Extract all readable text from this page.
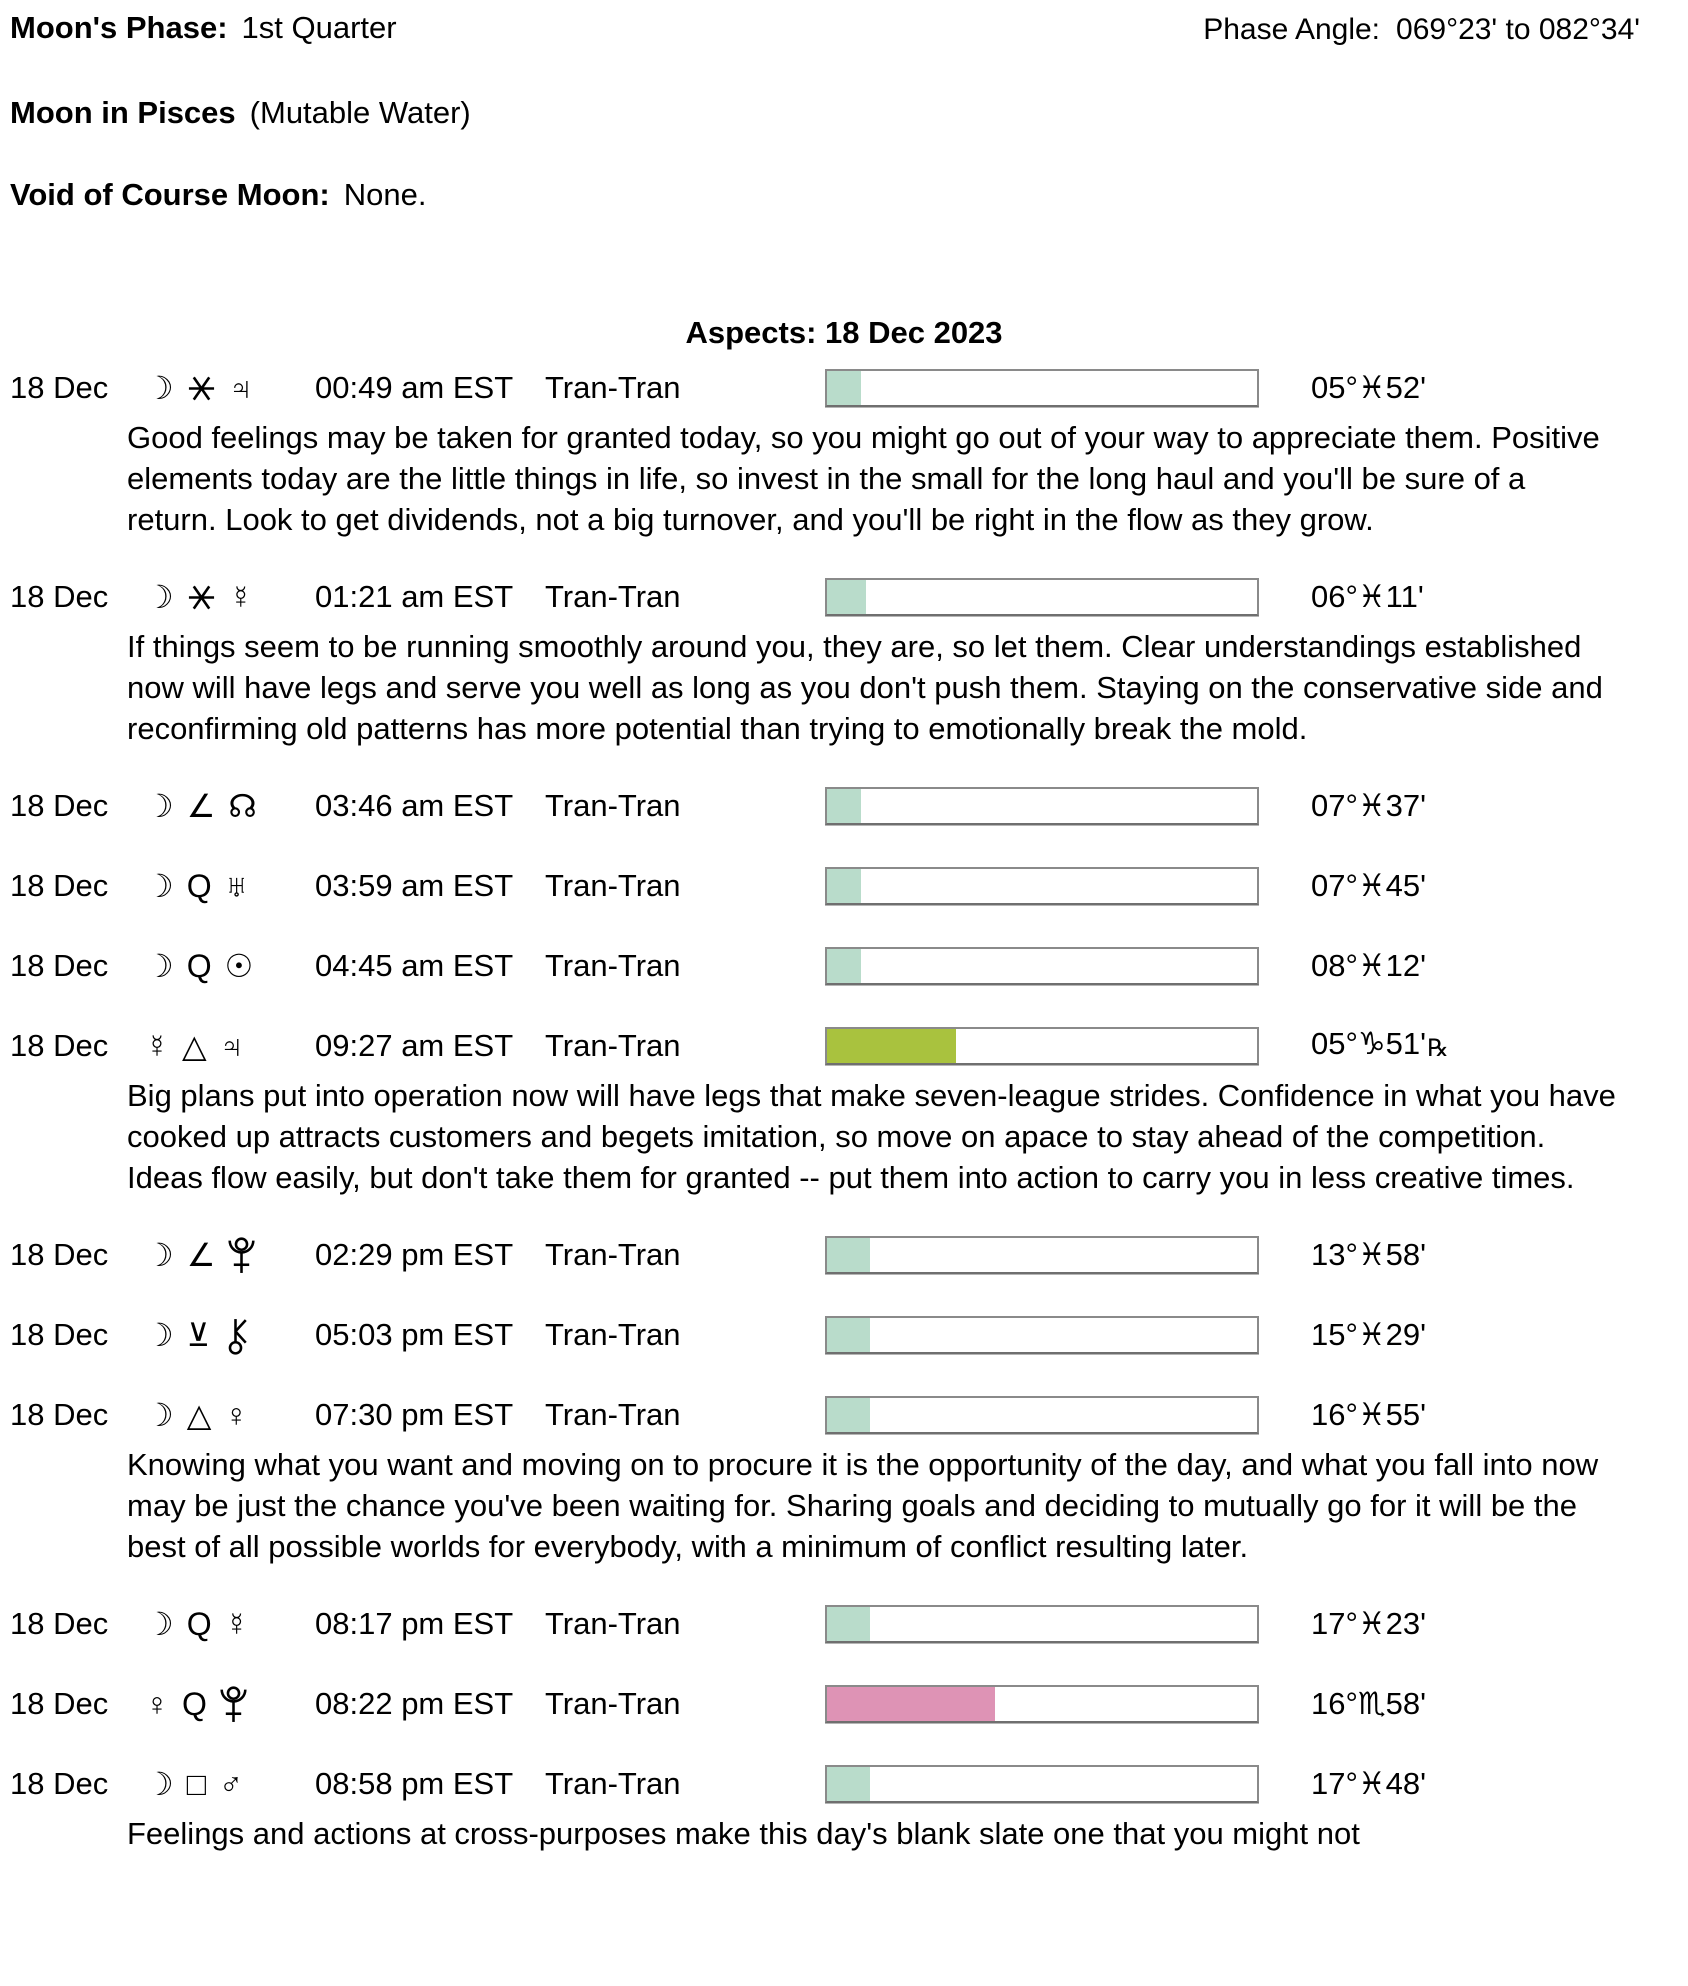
Moon's Phase: 1st Quarter	Phase Angle: 069°23' to 082°34'
Moon in Pisces (Mutable Water)
Void of Course Moon: None.
Aspects: 18 Dec 2023
18 Dec	☽ ♃	00:49 am EST	Tran-Tran	05°♓52'
Good feelings may be taken for granted today, so you might go out of your way to appreciate them. Positive elements today are the little things in life, so invest in the small for the long haul and you'll be sure of a return. Look to get dividends, not a big turnover, and you'll be right in the flow as they grow.
18 Dec	☽ ☿	01:21 am EST	Tran-Tran	06°♓11'
If things seem to be running smoothly around you, they are, so let them. Clear understandings established now will have legs and serve you well as long as you don't push them. Staying on the conservative side and reconfirming old patterns has more potential than trying to emotionally break the mold.
18 Dec	☽ ∠ ☊	03:46 am EST	Tran-Tran	07°♓37'
18 Dec	☽ Q ♅	03:59 am EST	Tran-Tran	07°♓45'
18 Dec	☽ Q ☉	04:45 am EST	Tran-Tran	08°♓12'
18 Dec	☿ △ ♃	09:27 am EST	Tran-Tran	05°♑51'℞
Big plans put into operation now will have legs that make seven-league strides. Confidence in what you have cooked up attracts customers and begets imitation, so move on apace to stay ahead of the competition. Ideas flow easily, but don't take them for granted -- put them into action to carry you in less creative times.
18 Dec	☽ ∠	02:29 pm EST	Tran-Tran	13°♓58'
18 Dec	☽ ⊻	05:03 pm EST	Tran-Tran	15°♓29'
18 Dec	☽ △ ♀	07:30 pm EST	Tran-Tran	16°♓55'
Knowing what you want and moving on to procure it is the opportunity of the day, and what you fall into now may be just the chance you've been waiting for. Sharing goals and deciding to mutually go for it will be the best of all possible worlds for everybody, with a minimum of conflict resulting later.
18 Dec	☽ Q ☿	08:17 pm EST	Tran-Tran	17°♓23'
18 Dec	♀ Q	08:22 pm EST	Tran-Tran	16°♏58'
18 Dec	☽ □ ♂	08:58 pm EST	Tran-Tran	17°♓48'
Feelings and actions at cross-purposes make this day's blank slate one that you might not
